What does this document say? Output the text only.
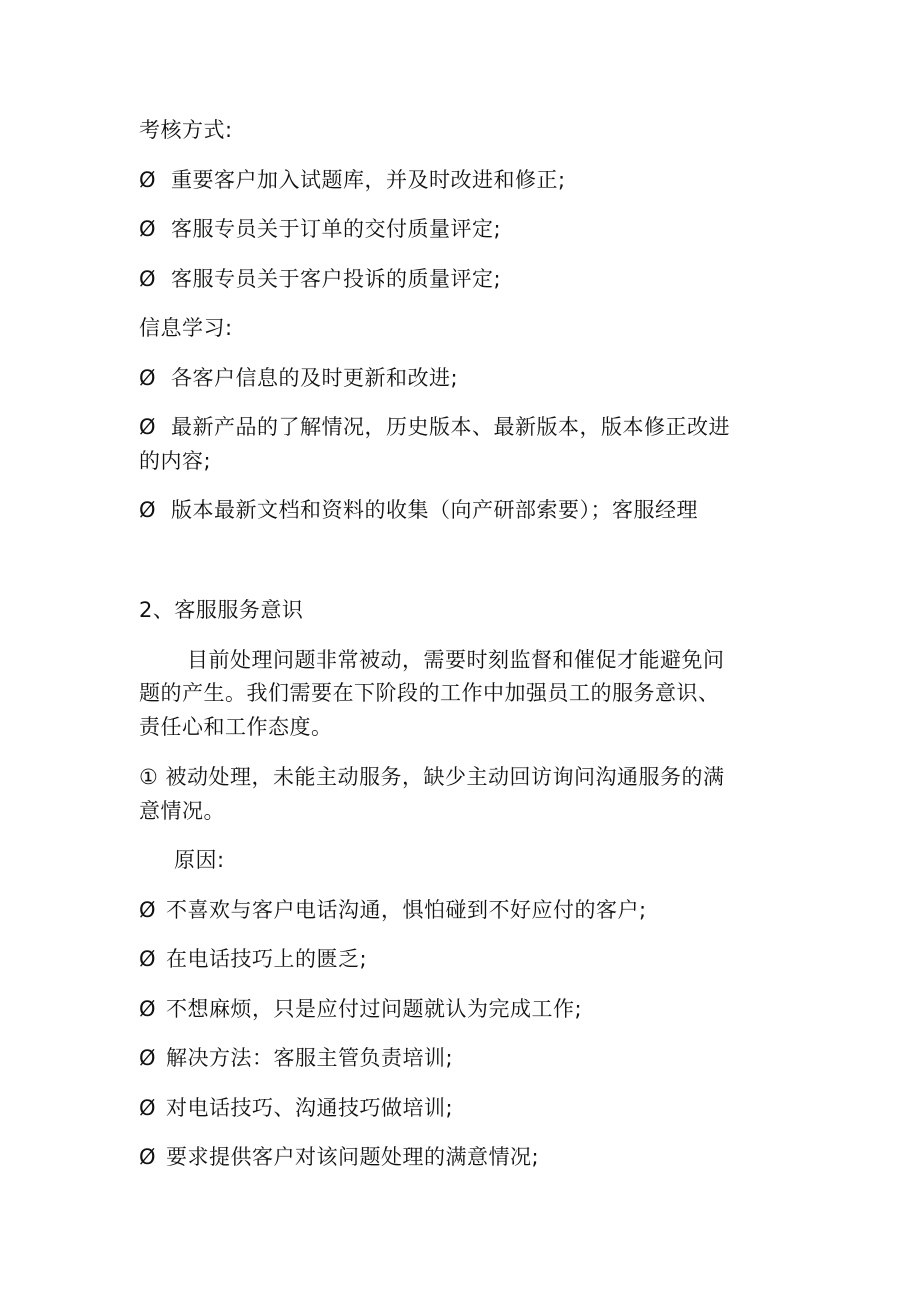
考核方式:
Ø 重要客户加入试题库，并及时改进和修正;
Ø 客服专员关于订单的交付质量评定;
Ø 客服专员关于客户投诉的质量评定;
信息学习:
Ø 各客户信息的及时更新和改进;
Ø 最新产品的了解情况，历史版本、最新版本，版本修正改进
的内容;
Ø 版本最新文档和资料的收集（向产研部索要）；客服经理
2、客服服务意识
目前处理问题非常被动，需要时刻监督和催促才能避免问
题的产生。我们需要在下阶段的工作中加强员工的服务意识、
责任心和工作态度。
① 被动处理，未能主动服务，缺少主动回访询问沟通服务的满
意情况。
原因:
Ø 不喜欢与客户电话沟通，惧怕碰到不好应付的客户;
Ø 在电话技巧上的匮乏;
Ø 不想麻烦，只是应付过问题就认为完成工作;
Ø 解决方法：客服主管负责培训;
Ø 对电话技巧、沟通技巧做培训;
Ø 要求提供客户对该问题处理的满意情况;
